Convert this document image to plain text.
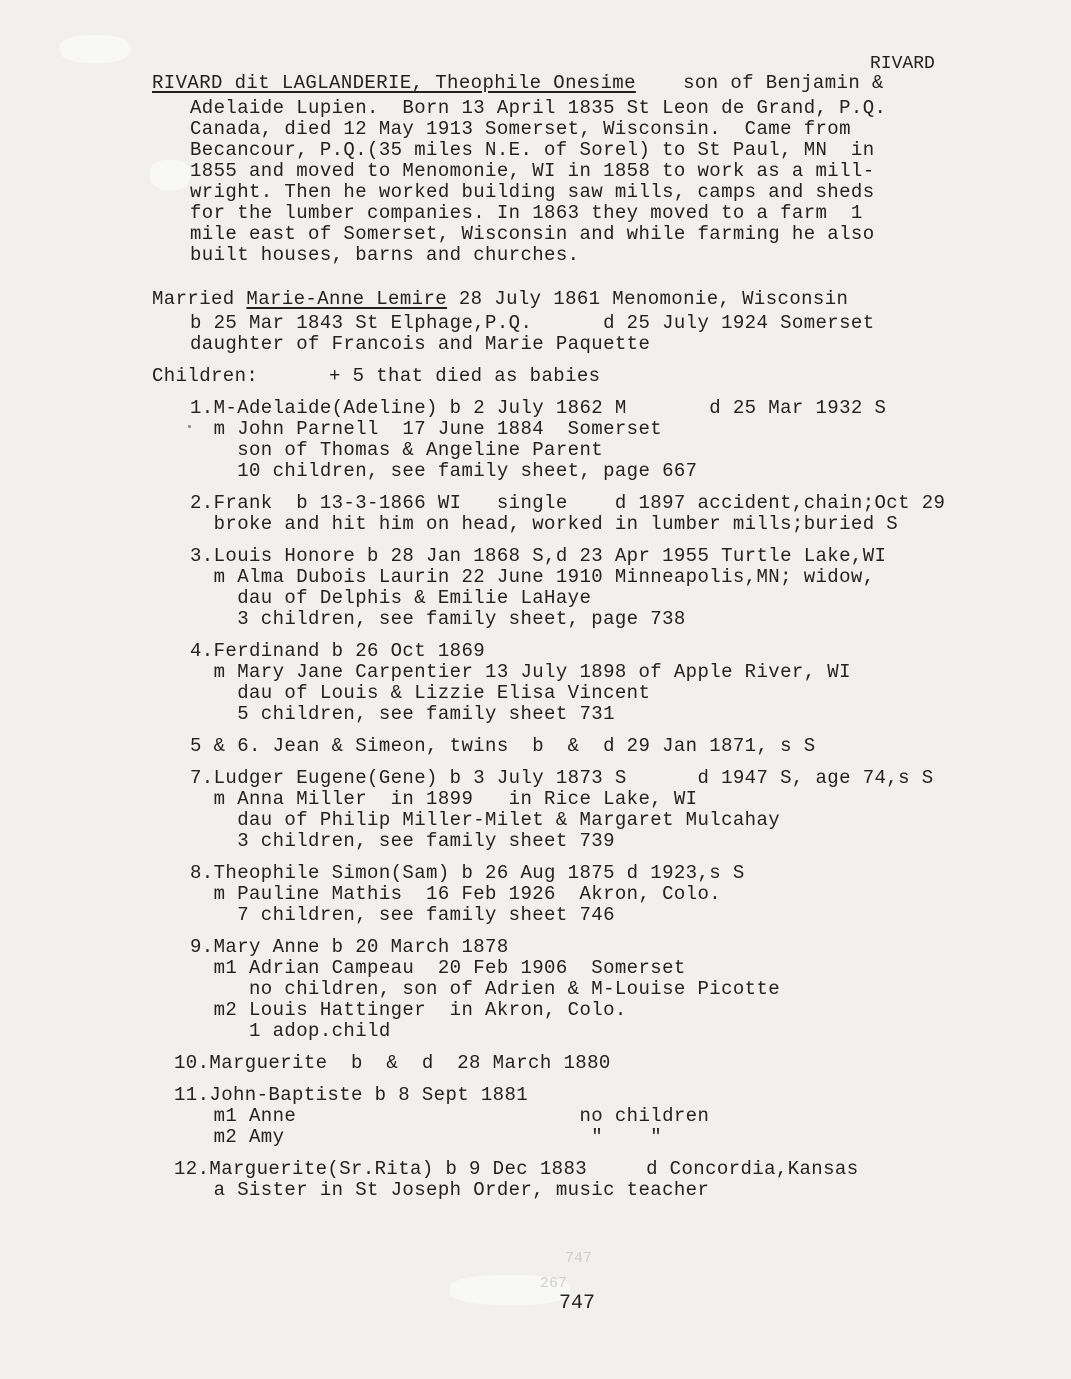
RIVARD
RIVARD dit LAGLANDERIE, Theophile Onesime son of Benjamin &
Adelaide Lupien.  Born 13 April 1835 St Leon de Grand, P.Q.
Canada, died 12 May 1913 Somerset, Wisconsin.  Came from
Becancour, P.Q.(35 miles N.E. of Sorel) to St Paul, MN  in
1855 and moved to Menomonie, WI in 1858 to work as a mill-
wright. Then he worked building saw mills, camps and sheds
for the lumber companies. In 1863 they moved to a farm  1
mile east of Somerset, Wisconsin and while farming he also
built houses, barns and churches.
Married Marie-Anne Lemire 28 July 1861 Menomonie, Wisconsin
b 25 Mar 1843 St Elphage,P.Q.      d 25 July 1924 Somerset
daughter of Francois and Marie Paquette
Children:      + 5 that died as babies
1.M-Adelaide(Adeline) b 2 July 1862 M       d 25 Mar 1932 S
m John Parnell  17 June 1884  Somerset
son of Thomas & Angeline Parent
10 children, see family sheet, page 667
2.Frank  b 13-3-1866 WI   single    d 1897 accident,chain;Oct 29
broke and hit him on head, worked in lumber mills;buried S
3.Louis Honore b 28 Jan 1868 S,d 23 Apr 1955 Turtle Lake,WI
m Alma Dubois Laurin 22 June 1910 Minneapolis,MN; widow,
dau of Delphis & Emilie LaHaye
3 children, see family sheet, page 738
4.Ferdinand b 26 Oct 1869
m Mary Jane Carpentier 13 July 1898 of Apple River, WI
dau of Louis & Lizzie Elisa Vincent
5 children, see family sheet 731
5 & 6. Jean & Simeon, twins  b  &  d 29 Jan 1871, s S
7.Ludger Eugene(Gene) b 3 July 1873 S      d 1947 S, age 74,s S
m Anna Miller  in 1899   in Rice Lake, WI
dau of Philip Miller-Milet & Margaret Mulcahay
3 children, see family sheet 739
8.Theophile Simon(Sam) b 26 Aug 1875 d 1923,s S
m Pauline Mathis  16 Feb 1926  Akron, Colo.
7 children, see family sheet 746
9.Mary Anne b 20 March 1878
m1 Adrian Campeau  20 Feb 1906  Somerset
no children, son of Adrien & M-Louise Picotte
m2 Louis Hattinger  in Akron, Colo.
1 adop.child
10.Marguerite  b  &  d  28 March 1880
11.John-Baptiste b 8 Sept 1881
m1 Anne                        no children
m2 Amy                          "    "
12.Marguerite(Sr.Rita) b 9 Dec 1883     d Concordia,Kansas
a Sister in St Joseph Order, music teacher
747
267
747
